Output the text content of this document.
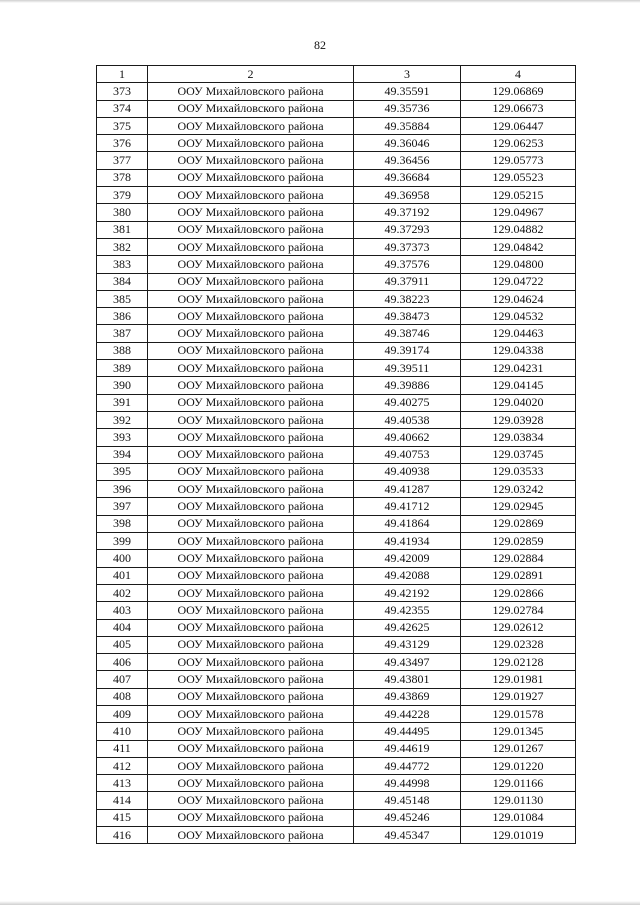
82
1	2	3	4
373	ООУ Михайловского района	49.35591	129.06869
374	ООУ Михайловского района	49.35736	129.06673
375	ООУ Михайловского района	49.35884	129.06447
376	ООУ Михайловского района	49.36046	129.06253
377	ООУ Михайловского района	49.36456	129.05773
378	ООУ Михайловского района	49.36684	129.05523
379	ООУ Михайловского района	49.36958	129.05215
380	ООУ Михайловского района	49.37192	129.04967
381	ООУ Михайловского района	49.37293	129.04882
382	ООУ Михайловского района	49.37373	129.04842
383	ООУ Михайловского района	49.37576	129.04800
384	ООУ Михайловского района	49.37911	129.04722
385	ООУ Михайловского района	49.38223	129.04624
386	ООУ Михайловского района	49.38473	129.04532
387	ООУ Михайловского района	49.38746	129.04463
388	ООУ Михайловского района	49.39174	129.04338
389	ООУ Михайловского района	49.39511	129.04231
390	ООУ Михайловского района	49.39886	129.04145
391	ООУ Михайловского района	49.40275	129.04020
392	ООУ Михайловского района	49.40538	129.03928
393	ООУ Михайловского района	49.40662	129.03834
394	ООУ Михайловского района	49.40753	129.03745
395	ООУ Михайловского района	49.40938	129.03533
396	ООУ Михайловского района	49.41287	129.03242
397	ООУ Михайловского района	49.41712	129.02945
398	ООУ Михайловского района	49.41864	129.02869
399	ООУ Михайловского района	49.41934	129.02859
400	ООУ Михайловского района	49.42009	129.02884
401	ООУ Михайловского района	49.42088	129.02891
402	ООУ Михайловского района	49.42192	129.02866
403	ООУ Михайловского района	49.42355	129.02784
404	ООУ Михайловского района	49.42625	129.02612
405	ООУ Михайловского района	49.43129	129.02328
406	ООУ Михайловского района	49.43497	129.02128
407	ООУ Михайловского района	49.43801	129.01981
408	ООУ Михайловского района	49.43869	129.01927
409	ООУ Михайловского района	49.44228	129.01578
410	ООУ Михайловского района	49.44495	129.01345
411	ООУ Михайловского района	49.44619	129.01267
412	ООУ Михайловского района	49.44772	129.01220
413	ООУ Михайловского района	49.44998	129.01166
414	ООУ Михайловского района	49.45148	129.01130
415	ООУ Михайловского района	49.45246	129.01084
416	ООУ Михайловского района	49.45347	129.01019
